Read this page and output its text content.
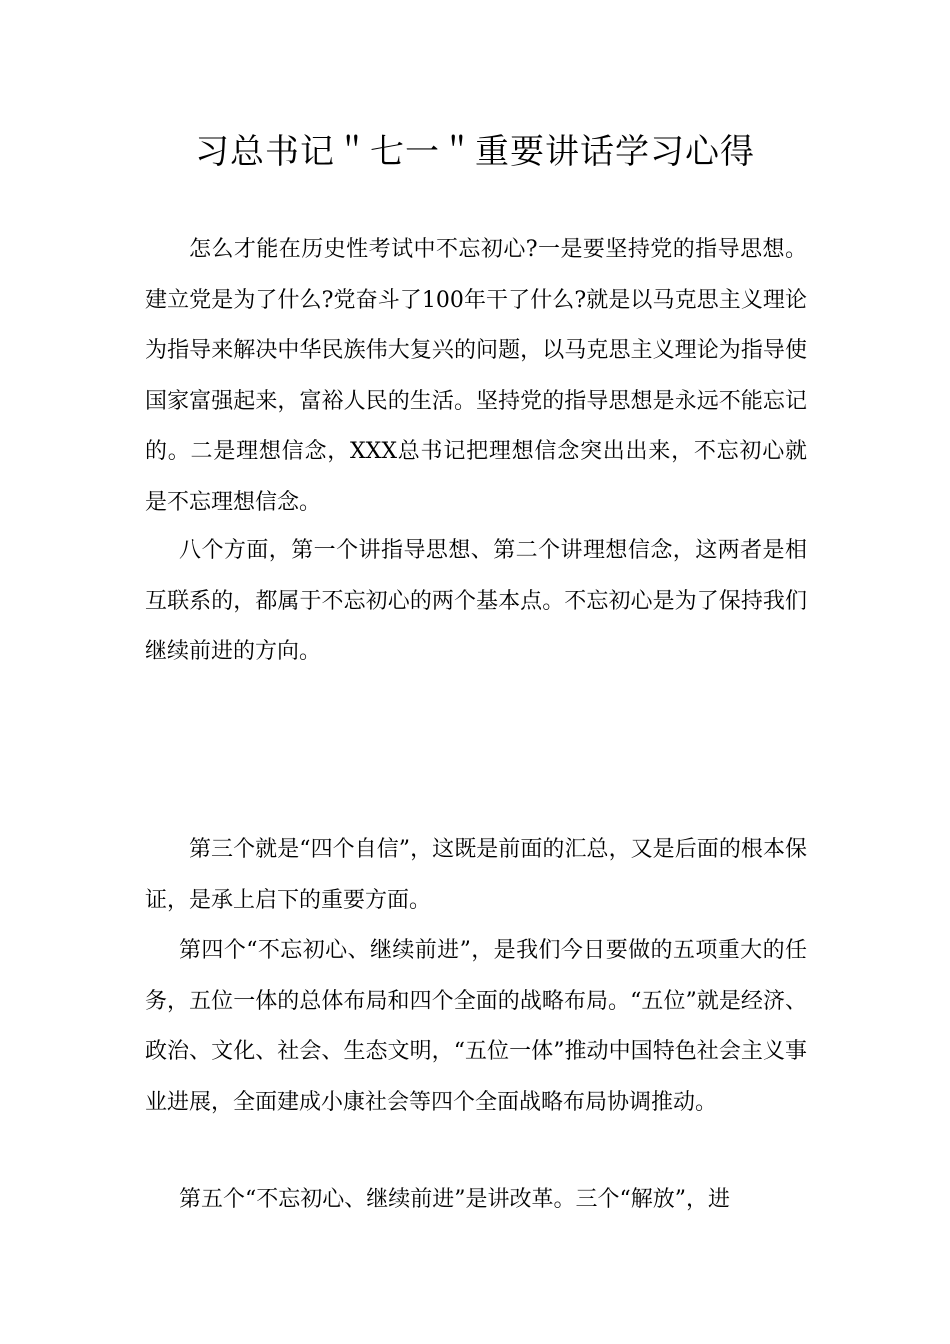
习总书记＂七一＂重要讲话学习心得

怎么才能在历史性考试中不忘初心?一是要坚持党的指导思想。建立党是为了什么?党奋斗了100年干了什么?就是以马克思主义理论为指导来解决中华民族伟大复兴的问题，以马克思主义理论为指导使国家富强起来，富裕人民的生活。坚持党的指导思想是永远不能忘记的。二是理想信念，XXX总书记把理想信念突出出来，不忘初心就是不忘理想信念。

八个方面，第一个讲指导思想、第二个讲理想信念，这两者是相互联系的，都属于不忘初心的两个基本点。不忘初心是为了保持我们继续前进的方向。

第三个就是“四个自信”，这既是前面的汇总，又是后面的根本保证，是承上启下的重要方面。

第四个“不忘初心、继续前进”，是我们今日要做的五项重大的任务，五位一体的总体布局和四个全面的战略布局。“五位”就是经济、政治、文化、社会、生态文明，“五位一体”推动中国特色社会主义事业进展，全面建成小康社会等四个全面战略布局协调推动。

第五个“不忘初心、继续前进”是讲改革。三个“解放”，进
